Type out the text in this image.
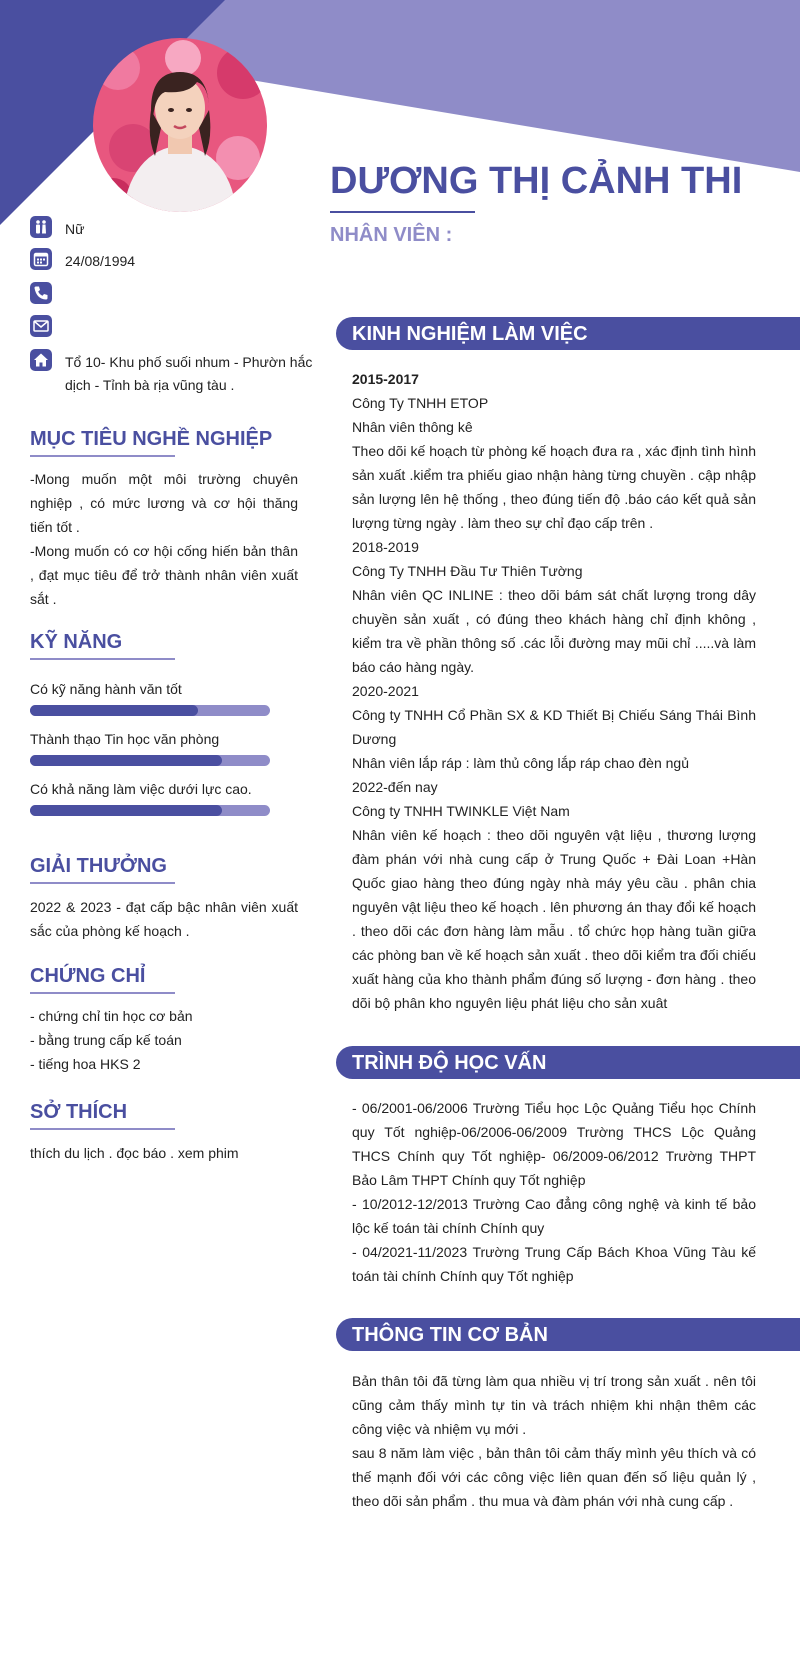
DƯƠNG THỊ CẢNH THI
NHÂN VIÊN :
Nữ
24/08/1994
Tổ 10- Khu phố suối nhum - Phườn hắc dịch - Tỉnh bà rịa vũng tàu .
MỤC TIÊU NGHỀ NGHIỆP
-Mong muốn một môi trường chuyên nghiệp , có mức lương và cơ hội thăng tiến tốt .
-Mong muốn có cơ hội cống hiến bản thân , đạt mục tiêu để trở thành nhân viên xuất sắt .
KỸ NĂNG
Có kỹ năng hành văn tốt
Thành thạo Tin học văn phòng
Có khả năng làm việc dưới lực cao.
GIẢI THƯỞNG
2022 & 2023 - đạt cấp bậc nhân viên xuất sắc của phòng kế hoạch .
CHỨNG CHỈ
- chứng chỉ tin học cơ bản
- bằng trung cấp kế toán
- tiếng hoa HKS 2
SỞ THÍCH
thích du lịch . đọc báo . xem phim
KINH NGHIỆM LÀM VIỆC
2015-2017
Công Ty TNHH ETOP
Nhân viên thông kê
Theo dõi kế hoạch từ phòng kế hoạch đưa ra , xác định tình hình sản xuất .kiểm tra phiếu giao nhận hàng từng chuyền . cập nhập sản lượng lên hệ thống , theo đúng tiến độ .báo cáo kết quả sản lượng từng ngày . làm theo sự chỉ đạo cấp trên .
2018-2019
Công Ty TNHH Đầu Tư Thiên Tường
Nhân viên QC INLINE : theo dõi bám sát chất lượng trong dây chuyền sản xuất , có đúng theo khách hàng chỉ định không , kiểm tra về phần thông số .các lỗi đường may mũi chỉ .....và làm báo cáo hàng ngày.
2020-2021
Công ty TNHH Cổ Phần SX & KD Thiết Bị Chiếu Sáng Thái Bình Dương
Nhân viên lắp ráp : làm thủ công lắp ráp chao đèn ngủ
2022-đến nay
Công ty TNHH TWINKLE Việt Nam
Nhân viên kế hoạch : theo dõi nguyên vật liệu , thương lượng đàm phán với nhà cung cấp ở Trung Quốc + Đài Loan +Hàn Quốc giao hàng theo đúng ngày nhà máy yêu cầu . phân chia nguyên vật liệu theo kế hoạch . lên phương án thay đổi kế hoạch . theo dõi các đơn hàng làm mẫu . tổ chức họp hàng tuần giữa các phòng ban về kế hoạch sản xuất . theo dõi kiểm tra đối chiếu xuất hàng của kho thành phẩm đúng số lượng - đơn hàng . theo dõi bộ phân kho nguyên liệu phát liệu cho sản xuât
TRÌNH ĐỘ HỌC VẤN
- 06/2001-06/2006 Trường Tiểu học Lộc Quảng Tiểu học Chính quy Tốt nghiệp-06/2006-06/2009 Trường THCS Lộc Quảng THCS Chính quy Tốt nghiệp- 06/2009-06/2012 Trường THPT Bảo Lâm THPT Chính quy Tốt nghiệp
- 10/2012-12/2013 Trường Cao đẳng công nghệ và kinh tế bảo lộc kế toán tài chính Chính quy
- 04/2021-11/2023 Trường Trung Cấp Bách Khoa Vũng Tàu kế toán tài chính Chính quy Tốt nghiệp
THÔNG TIN CƠ BẢN
Bản thân tôi đã từng làm qua nhiều vị trí trong sản xuất . nên tôi cũng cảm thấy mình tự tin và trách nhiệm khi nhận thêm các công việc và nhiệm vụ mới .
sau 8 năm làm việc , bản thân tôi cảm thấy mình yêu thích và có thế mạnh đối với các công việc liên quan đến số liệu quản lý , theo dõi sản phẩm . thu mua và đàm phán với nhà cung cấp .
